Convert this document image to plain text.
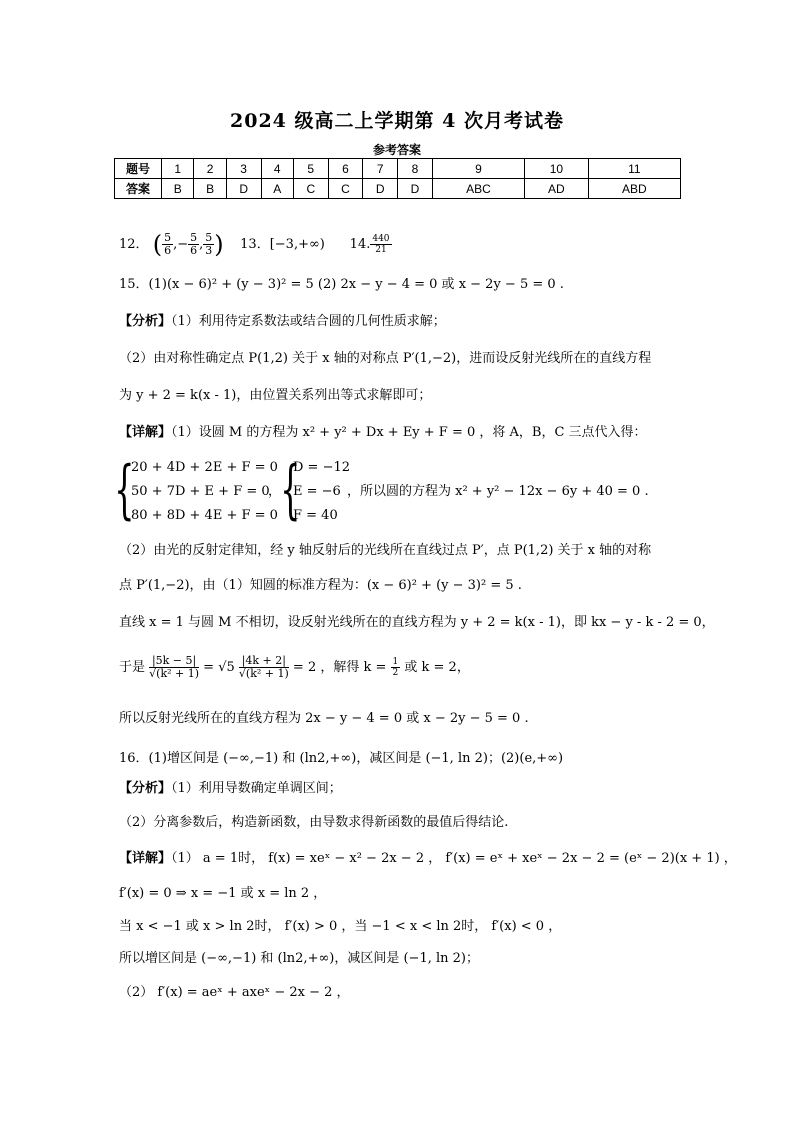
2024 级高二上学期第 4 次月考试卷
参考答案
题号	1	2	3	4	5	6	7	8	9	10	11
答案	B	B	D	A	C	C	D	D	ABC	AD	ABD
12． ( $\frac{5}{6}$ ,− $\frac{5}{6}$ , $\frac{5}{3}$ ) 13．[−3,+∞) 14. $\frac{440}{21}$
15．(1)(x − 6)² + (y − 3)² = 5 (2) 2x − y − 4 = 0 或 x − 2y − 5 = 0 .
【分析】（1）利用待定系数法或结合圆的几何性质求解；
（2）由对称性确定点 P(1,2) 关于 x 轴的对称点 P′(1,−2)，进而设反射光线所在的直线方程
为 y + 2 = k(x - 1)，由位置关系列出等式求解即可；
【详解】（1）设圆 M 的方程为 x² + y² + Dx + Ey + F = 0 ，将 A，B，C 三点代入得：
{
20 + 4D + 2E + F = 0
50 + 7D + E + F = 0
80 + 8D + 4E + F = 0
， {
D = −12
E = −6
F = 40
，所以圆的方程为 x² + y² − 12x − 6y + 40 = 0 .
（2）由光的反射定律知，经 y 轴反射后的光线所在直线过点 P′，点 P(1,2) 关于 x 轴的对称
点 P′(1,−2)，由（1）知圆的标准方程为：(x − 6)² + (y − 3)² = 5 .
直线 x = 1 与圆 M 不相切，设反射光线所在的直线方程为 y + 2 = k(x - 1)，即 kx − y - k - 2 = 0，
于是 $\frac{|5k - 5|}{\text{√(k² + 1)}} = √5 \frac{|4k + 2|}{\text{√(k² + 1)}} = 2$ ，解得 $k = \frac{1}{2}$ 或 k = 2，
所以反射光线所在的直线方程为 2x − y − 4 = 0 或 x − 2y − 5 = 0 .
16．(1)增区间是 (−∞,−1) 和 (ln2,+∞)，减区间是 (−1, ln 2)；(2)(e,+∞)
【分析】（1）利用导数确定单调区间；
（2）分离参数后，构造新函数，由导数求得新函数的最值后得结论.
【详解】（1） a = 1时， f(x) = xeˣ − x² − 2x − 2 ， f′(x) = eˣ + xeˣ − 2x − 2 = (eˣ − 2)(x + 1) ，
f′(x) = 0 ⇒ x = −1 或 x = ln 2 ，
当 x < −1 或 x > ln 2时， f′(x) > 0 ，当 −1 < x < ln 2时， f′(x) < 0 ，
所以增区间是 (−∞,−1) 和 (ln2,+∞)，减区间是 (−1, ln 2)；
（2） f′(x) = aeˣ + axeˣ − 2x − 2 ，
